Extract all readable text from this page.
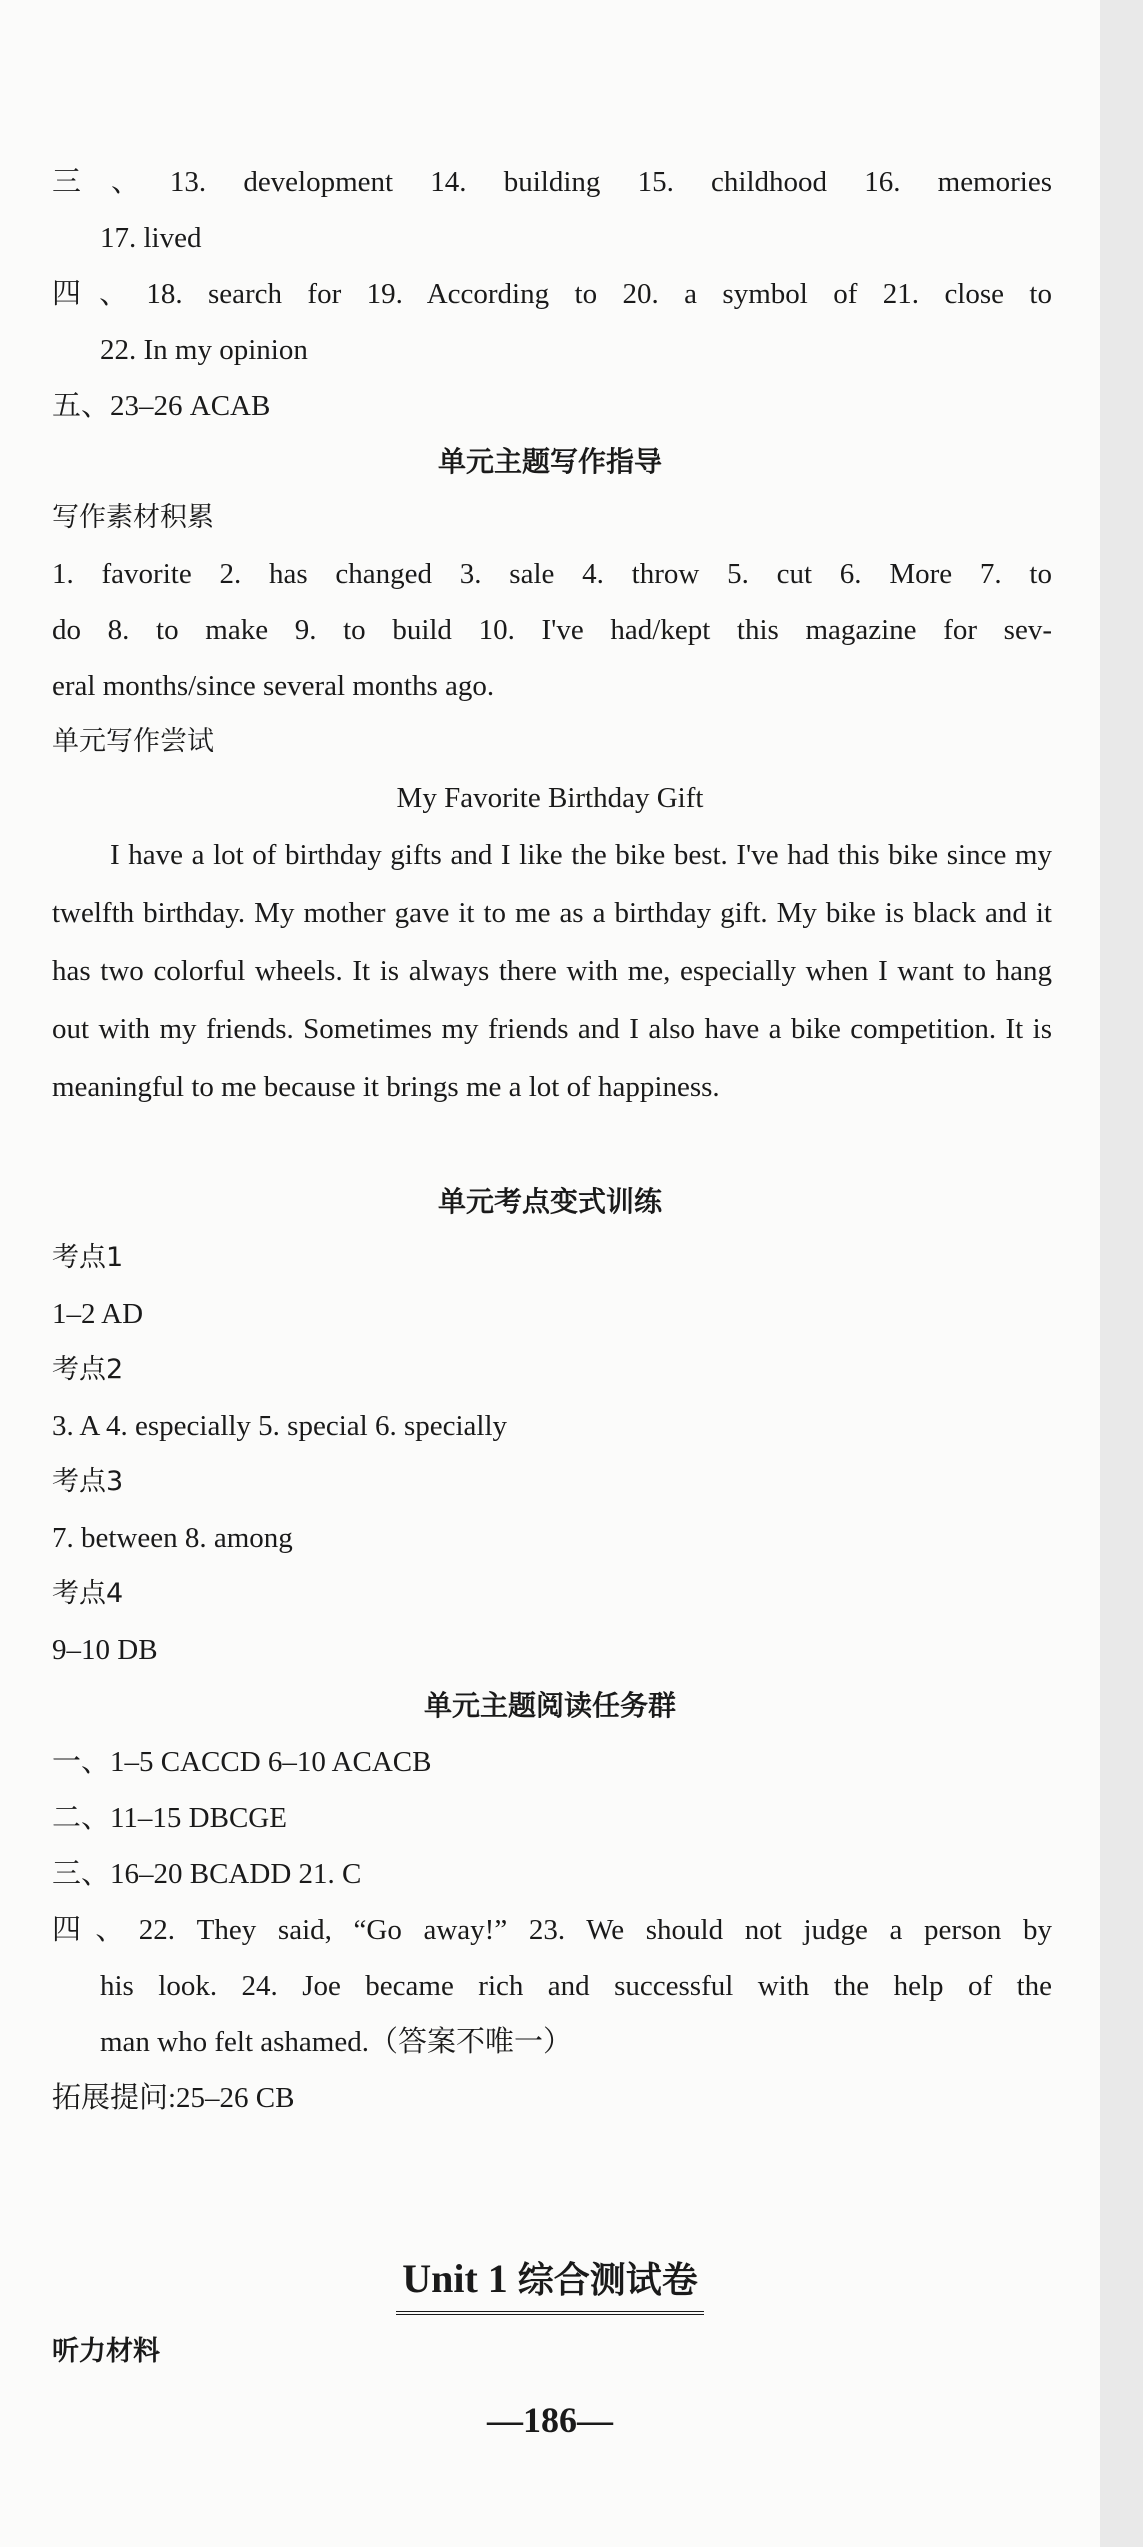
三、13. development 14. building 15. childhood 16. memories
17. lived
四、18. search for 19. According to 20. a symbol of 21. close to
22. In my opinion
五、23–26 ACAB
单元主题写作指导
写作素材积累
1. favorite 2. has changed 3. sale 4. throw 5. cut 6. More 7. to
do 8. to make 9. to build 10. I've had/kept this magazine for sev-
eral months/since several months ago.
单元写作尝试
My Favorite Birthday Gift
I have a lot of birthday gifts and I like the bike best. I've had this bike since my twelfth birthday. My mother gave it to me as a birthday gift. My bike is black and it has two colorful wheels. It is always there with me, especially when I want to hang out with my friends. Sometimes my friends and I also have a bike competition. It is meaningful to me because it brings me a lot of happiness.
单元考点变式训练
考点1
1–2 AD
考点2
3. A 4. especially 5. special 6. specially
考点3
7. between 8. among
考点4
9–10 DB
单元主题阅读任务群
一、1–5 CACCD 6–10 ACACB
二、11–15 DBCGE
三、16–20 BCADD 21. C
四、22. They said, “Go away!” 23. We should not judge a person by
his look. 24. Joe became rich and successful with the help of the
man who felt ashamed.（答案不唯一）
拓展提问:25–26 CB
Unit 1 综合测试卷
听力材料
—186—
